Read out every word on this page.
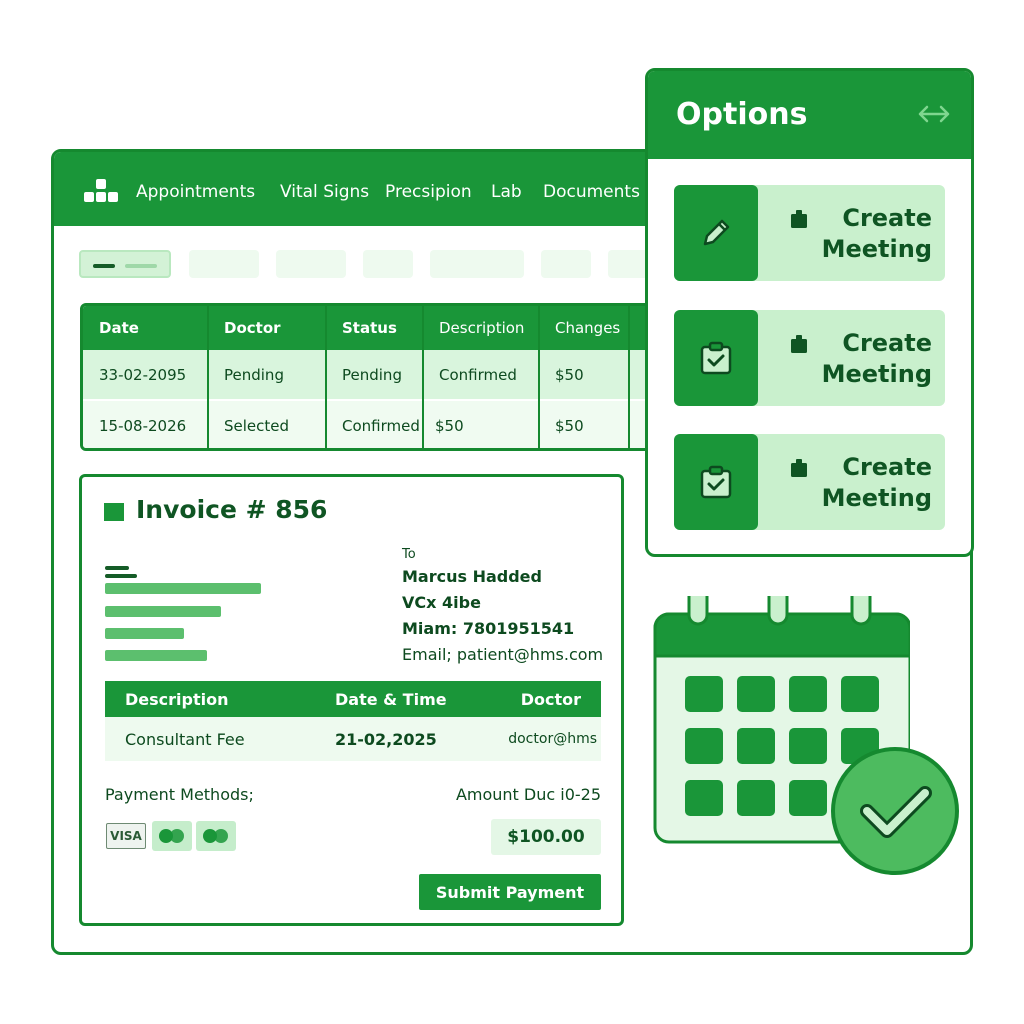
Appointments Vital Signs Precsipion Lab Documents
Date	Doctor	Status	Description	Changes
33-02-2095	Pending	Pending	Confirmed	$50
15-08-2026	Selected	Confirmed	$50	$50
Invoice # 856
To
Marcus Hadded
VCx 4ibe
Miam: 7801951541
Email; patient@hms.com
Description	Date & Time	Doctor
Consultant Fee	21-02,2025	doctor@hms
Payment Methods;	Amount Duc i0-25
VISA	$100.00
Submit Payment
Options
Create Meeting
Create Meeting
Create Meeting
